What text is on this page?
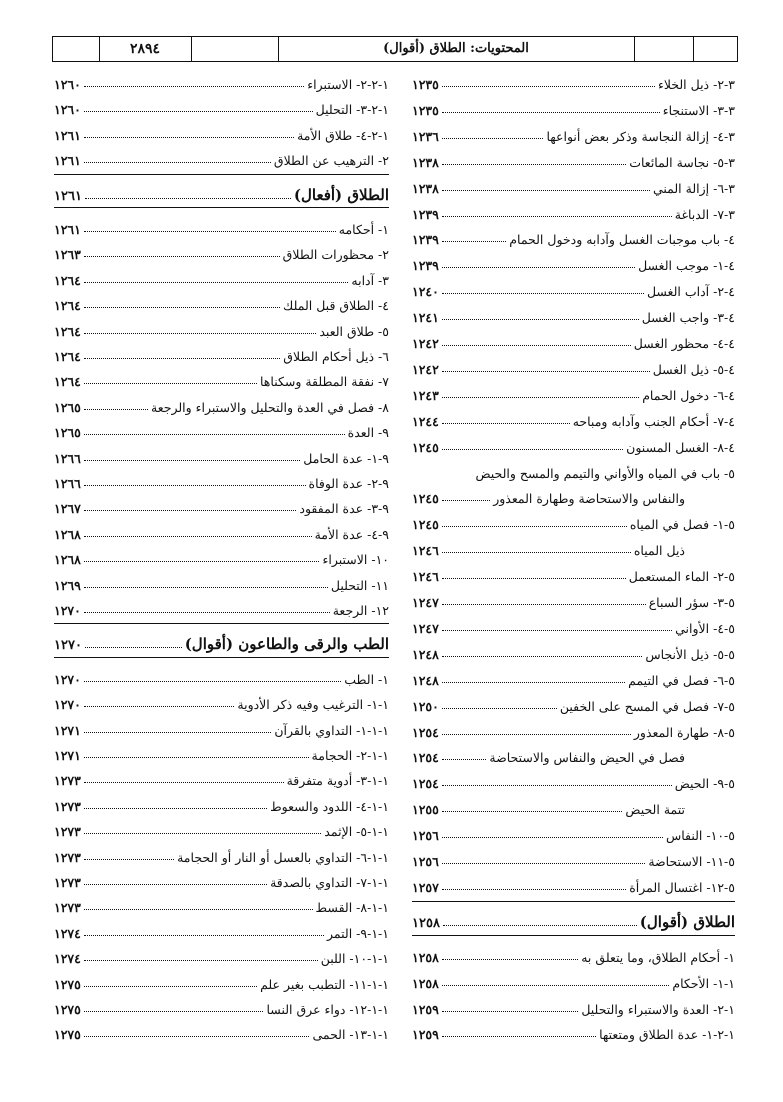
٢٨٩٤	المحتويات: الطلاق (أقوال)
٣-٢- ذيل الخلاء
١٢٣٥
٣-٣- الاستنجاء
١٢٣٥
٣-٤- إزالة النجاسة وذكر بعض أنواعها
١٢٣٦
٣-٥- نجاسة المائعات
١٢٣٨
٣-٦- إزالة المني
١٢٣٨
٣-٧- الدباغة
١٢٣٩
٤- باب موجبات الغسل وآدابه ودخول الحمام
١٢٣٩
٤-١- موجب الغسل
١٢٣٩
٤-٢- آداب الغسل
١٢٤٠
٤-٣- واجب الغسل
١٢٤١
٤-٤- محظور الغسل
١٢٤٢
٤-٥- ذيل الغسل
١٢٤٢
٤-٦- دخول الحمام
١٢٤٣
٤-٧- أحكام الجنب وآدابه ومباحه
١٢٤٤
٤-٨- الغسل المسنون
١٢٤٥
٥- باب في المياه والأواني والتيمم والمسح والحيض
والنفاس والاستحاضة وطهارة المعذور
١٢٤٥
٥-١- فصل في المياه
١٢٤٥
ذيل المياه
١٢٤٦
٥-٢- الماء المستعمل
١٢٤٦
٥-٣- سؤر السباع
١٢٤٧
٥-٤- الأواني
١٢٤٧
٥-٥- ذيل الأنجاس
١٢٤٨
٥-٦- فصل في التيمم
١٢٤٨
٥-٧- فصل في المسح على الخفين
١٢٥٠
٥-٨- طهارة المعذور
١٢٥٤
فصل في الحيض والنفاس والاستحاضة
١٢٥٤
٥-٩- الحيض
١٢٥٤
تتمة الحيض
١٢٥٥
٥-١٠- النفاس
١٢٥٦
٥-١١- الاستحاضة
١٢٥٦
٥-١٢- اغتسال المرأة
١٢٥٧
الطلاق (أقوال)
١٢٥٨
١- أحكام الطلاق، وما يتعلق به
١٢٥٨
١-١- الأحكام
١٢٥٨
١-٢- العدة والاستبراء والتحليل
١٢٥٩
١-٢-١- عدة الطلاق ومتعتها
١٢٥٩
١-٢-٢- الاستبراء
١٢٦٠
١-٢-٣- التحليل
١٢٦٠
١-٢-٤- طلاق الأمة
١٢٦١
٢- الترهيب عن الطلاق
١٢٦١
الطلاق (أفعال)
١٢٦١
١- أحكامه
١٢٦١
٢- محظورات الطلاق
١٢٦٣
٣- آدابه
١٢٦٤
٤- الطلاق قبل الملك
١٢٦٤
٥- طلاق العبد
١٢٦٤
٦- ذيل أحكام الطلاق
١٢٦٤
٧- نفقة المطلقة وسكناها
١٢٦٤
٨- فصل في العدة والتحليل والاستبراء والرجعة
١٢٦٥
٩- العدة
١٢٦٥
٩-١- عدة الحامل
١٢٦٦
٩-٢- عدة الوفاة
١٢٦٦
٩-٣- عدة المفقود
١٢٦٧
٩-٤- عدة الأمة
١٢٦٨
١٠- الاستبراء
١٢٦٨
١١- التحليل
١٢٦٩
١٢- الرجعة
١٢٧٠
الطب والرقى والطاعون (أقوال)
١٢٧٠
١- الطب
١٢٧٠
١-١- الترغيب وفيه ذكر الأدوية
١٢٧٠
١-١-١- التداوي بالقرآن
١٢٧١
١-١-٢- الحجامة
١٢٧١
١-١-٣- أدوية متفرقة
١٢٧٣
١-١-٤- اللدود والسعوط
١٢٧٣
١-١-٥- الإثمد
١٢٧٣
١-١-٦- التداوي بالعسل أو النار أو الحجامة
١٢٧٣
١-١-٧- التداوي بالصدقة
١٢٧٣
١-١-٨- القسط
١٢٧٣
١-١-٩- التمر
١٢٧٤
١-١-١٠- اللبن
١٢٧٤
١-١-١١- التطبب بغير علم
١٢٧٥
١-١-١٢- دواء عرق النسا
١٢٧٥
١-١-١٣- الحمى
١٢٧٥
